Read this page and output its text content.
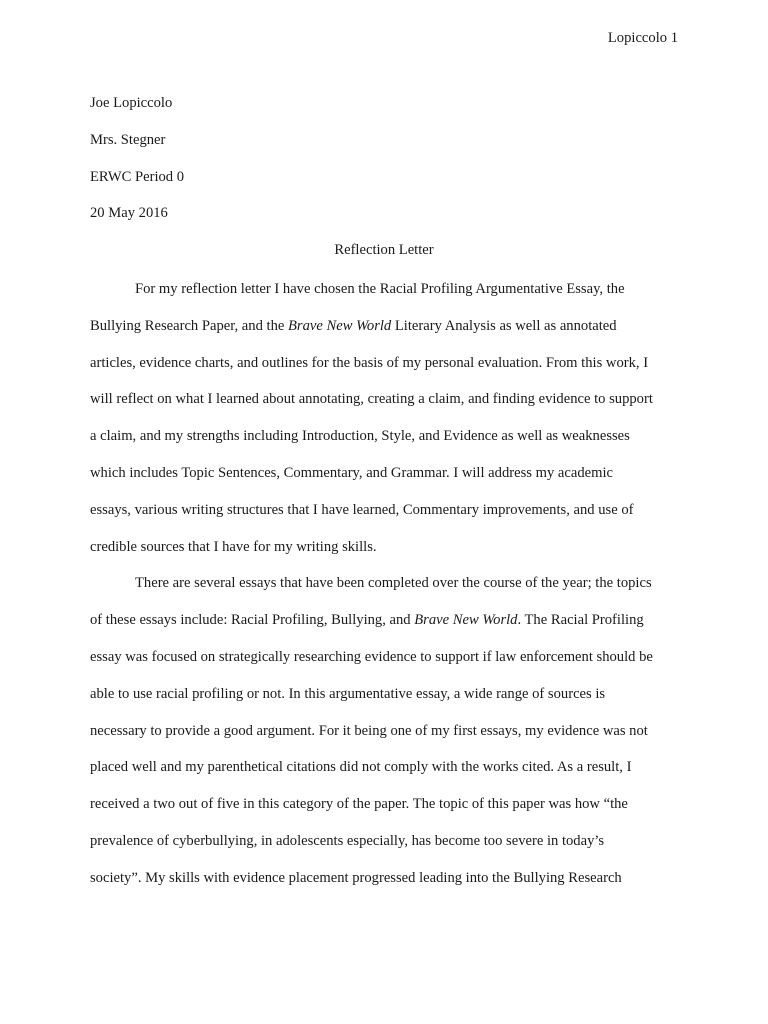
Lopiccolo 1
Joe Lopiccolo
Mrs. Stegner
ERWC Period 0
20 May 2016
Reflection Letter
For my reflection letter I have chosen the Racial Profiling Argumentative Essay, the
Bullying Research Paper, and the Brave New World Literary Analysis as well as annotated
articles, evidence charts, and outlines for the basis of my personal evaluation. From this work, I
will reflect on what I learned about annotating, creating a claim, and finding evidence to support
a claim, and my strengths including Introduction, Style, and Evidence as well as weaknesses
which includes Topic Sentences, Commentary, and Grammar. I will address my academic
essays, various writing structures that I have learned, Commentary improvements, and use of
credible sources that I have for my writing skills.
There are several essays that have been completed over the course of the year; the topics
of these essays include: Racial Profiling, Bullying, and Brave New World. The Racial Profiling
essay was focused on strategically researching evidence to support if law enforcement should be
able to use racial profiling or not. In this argumentative essay, a wide range of sources is
necessary to provide a good argument. For it being one of my first essays, my evidence was not
placed well and my parenthetical citations did not comply with the works cited. As a result, I
received a two out of five in this category of the paper. The topic of this paper was how “the
prevalence of cyberbullying, in adolescents especially, has become too severe in today’s
society”. My skills with evidence placement progressed leading into the Bullying Research
